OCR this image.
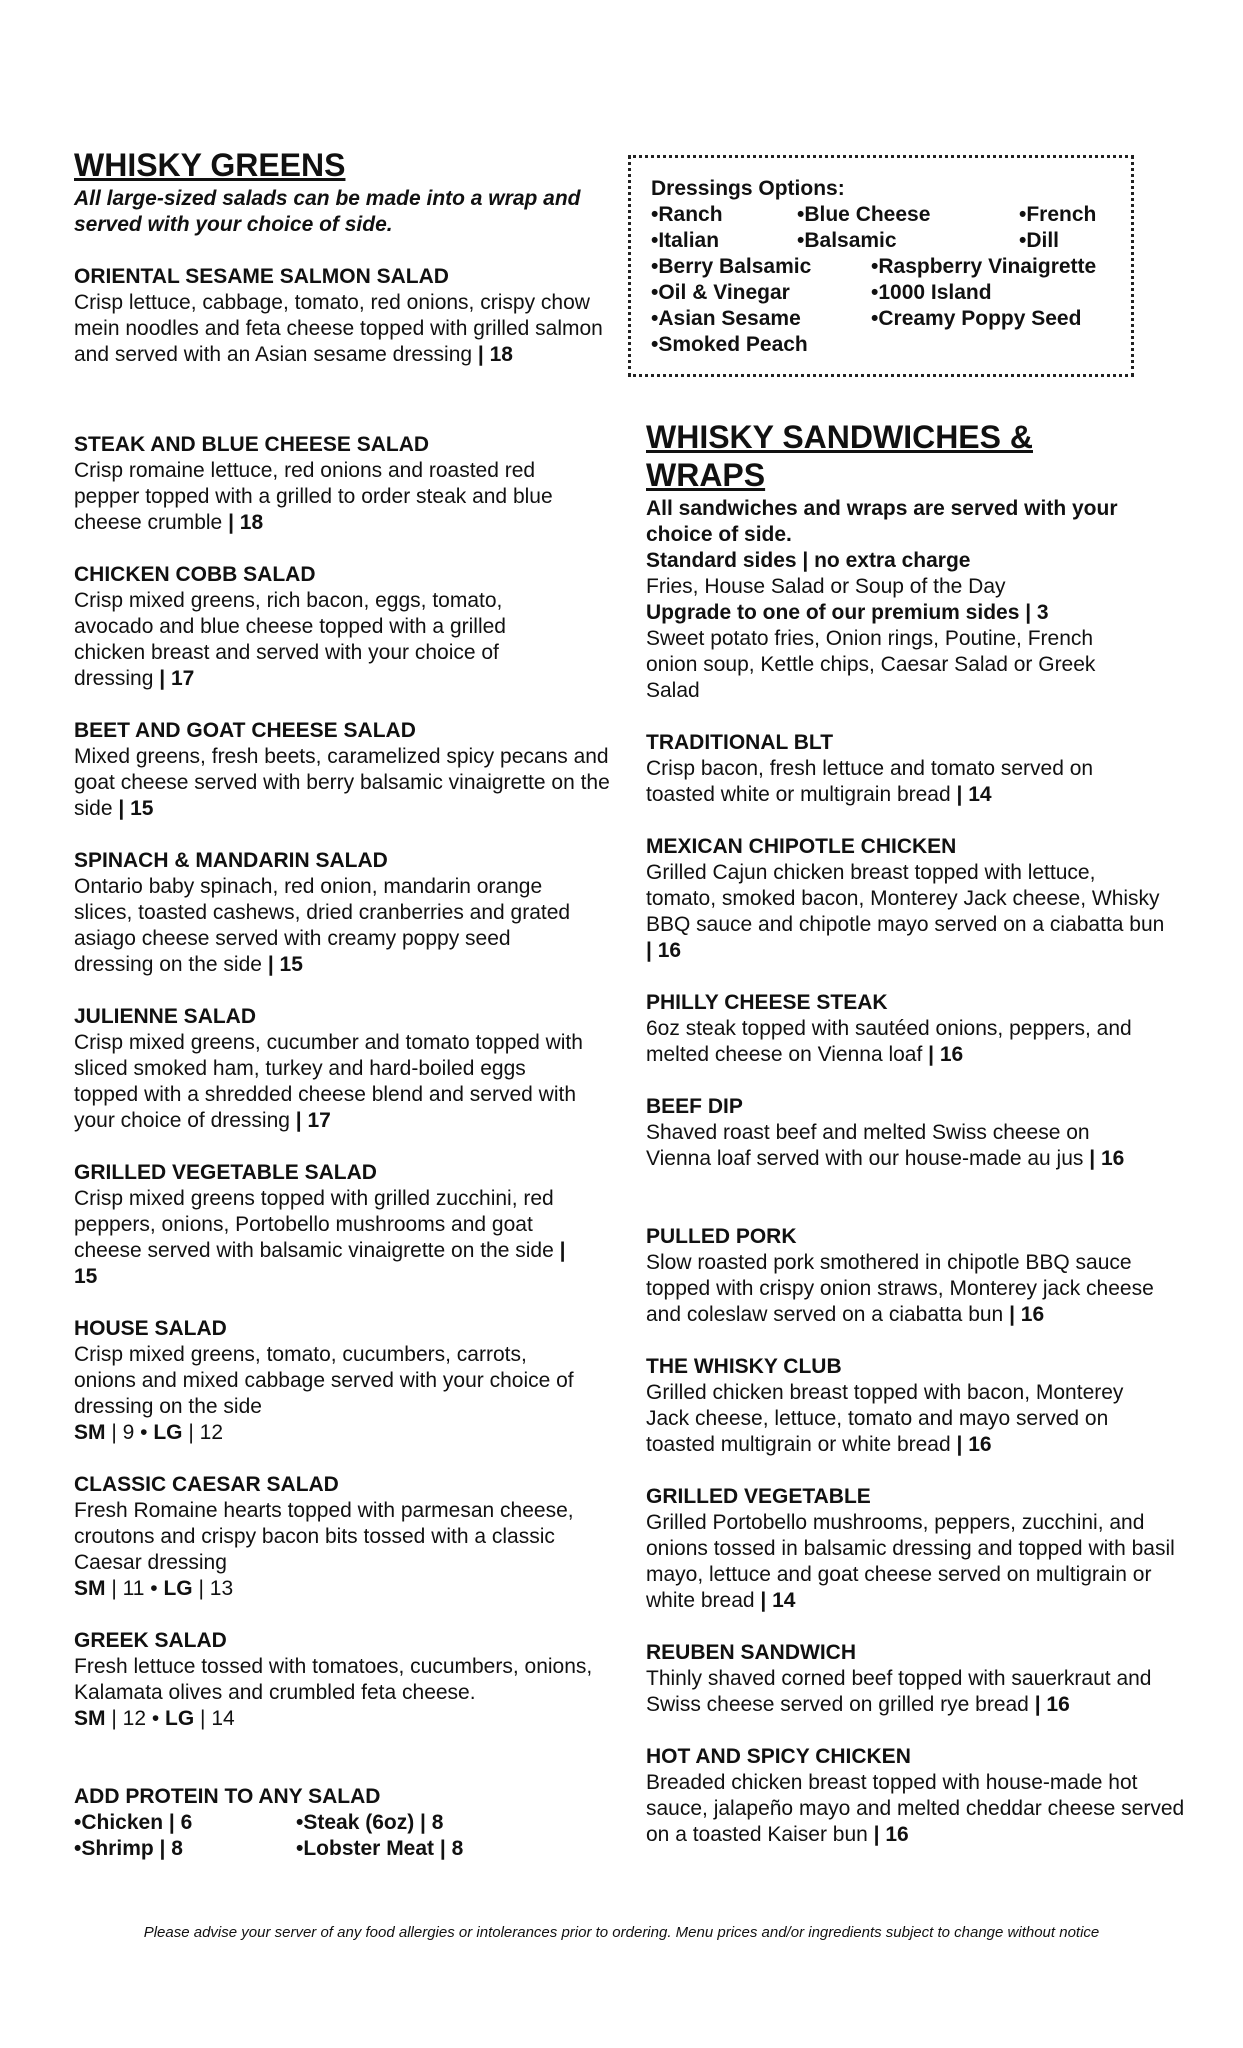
WHISKY GREENS
All large-sized salads can be made into a wrap and served with your choice of side.
ORIENTAL SESAME SALMON SALAD
Crisp lettuce, cabbage, tomato, red onions, crispy chow mein noodles and feta cheese topped with grilled salmon and served with an Asian sesame dressing | 18
STEAK AND BLUE CHEESE SALAD
Crisp romaine lettuce, red onions and roasted red pepper topped with a grilled to order steak and blue cheese crumble | 18
CHICKEN COBB SALAD
Crisp mixed greens, rich bacon, eggs, tomato, avocado and blue cheese topped with a grilled chicken breast and served with your choice of dressing | 17
BEET AND GOAT CHEESE SALAD
Mixed greens, fresh beets, caramelized spicy pecans and goat cheese served with berry balsamic vinaigrette on the side | 15
SPINACH & MANDARIN SALAD
Ontario baby spinach, red onion, mandarin orange slices, toasted cashews, dried cranberries and grated asiago cheese served with creamy poppy seed dressing on the side | 15
JULIENNE SALAD
Crisp mixed greens, cucumber and tomato topped with sliced smoked ham, turkey and hard-boiled eggs topped with a shredded cheese blend and served with your choice of dressing | 17
GRILLED VEGETABLE SALAD
Crisp mixed greens topped with grilled zucchini, red peppers, onions, Portobello mushrooms and goat cheese served with balsamic vinaigrette on the side | 15
HOUSE SALAD
Crisp mixed greens, tomato, cucumbers, carrots, onions and mixed cabbage served with your choice of dressing on the side
SM | 9 • LG | 12
CLASSIC CAESAR SALAD
Fresh Romaine hearts topped with parmesan cheese, croutons and crispy bacon bits tossed with a classic Caesar dressing
SM | 11 • LG | 13
GREEK SALAD
Fresh lettuce tossed with tomatoes, cucumbers, onions, Kalamata olives and crumbled feta cheese.
SM | 12 • LG | 14
ADD PROTEIN TO ANY SALAD
•Chicken | 6	•Steak (6oz) | 8
•Shrimp | 8	•Lobster Meat | 8
Dressings Options:
•Ranch	•Blue Cheese	•French
•Italian	•Balsamic	•Dill
•Berry Balsamic	•Raspberry Vinaigrette
•Oil & Vinegar	•1000 Island
•Asian Sesame	•Creamy Poppy Seed
•Smoked Peach
WHISKY SANDWICHES &
WRAPS
All sandwiches and wraps are served with your choice of side.
Standard sides | no extra charge
Fries, House Salad or Soup of the Day
Upgrade to one of our premium sides | 3
Sweet potato fries, Onion rings, Poutine, French onion soup, Kettle chips, Caesar Salad or Greek Salad
TRADITIONAL BLT
Crisp bacon, fresh lettuce and tomato served on toasted white or multigrain bread | 14
MEXICAN CHIPOTLE CHICKEN
Grilled Cajun chicken breast topped with lettuce, tomato, smoked bacon, Monterey Jack cheese, Whisky BBQ sauce and chipotle mayo served on a ciabatta bun | 16
PHILLY CHEESE STEAK
6oz steak topped with sautéed onions, peppers, and melted cheese on Vienna loaf | 16
BEEF DIP
Shaved roast beef and melted Swiss cheese on Vienna loaf served with our house-made au jus | 16
PULLED PORK
Slow roasted pork smothered in chipotle BBQ sauce topped with crispy onion straws, Monterey jack cheese and coleslaw served on a ciabatta bun | 16
THE WHISKY CLUB
Grilled chicken breast topped with bacon, Monterey Jack cheese, lettuce, tomato and mayo served on toasted multigrain or white bread | 16
GRILLED VEGETABLE
Grilled Portobello mushrooms, peppers, zucchini, and onions tossed in balsamic dressing and topped with basil mayo, lettuce and goat cheese served on multigrain or white bread | 14
REUBEN SANDWICH
Thinly shaved corned beef topped with sauerkraut and Swiss cheese served on grilled rye bread | 16
HOT AND SPICY CHICKEN
Breaded chicken breast topped with house-made hot sauce, jalapeño mayo and melted cheddar cheese served on a toasted Kaiser bun | 16
Please advise your server of any food allergies or intolerances prior to ordering. Menu prices and/or ingredients subject to change without notice
